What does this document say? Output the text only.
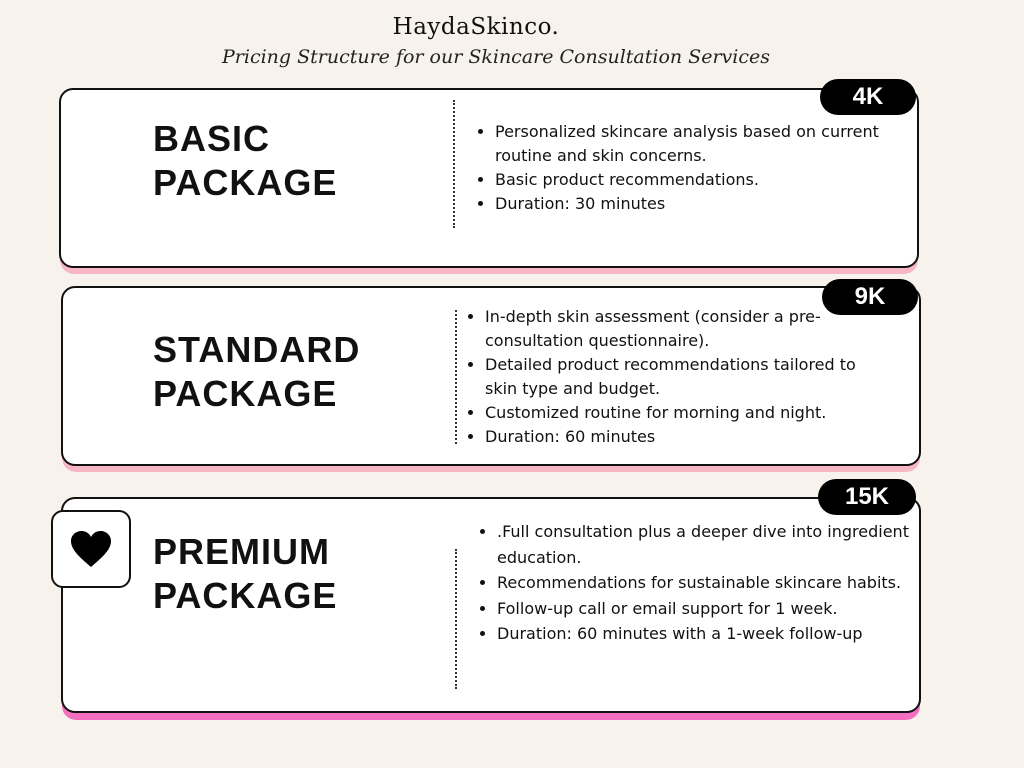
HaydaSkinco.
Pricing Structure for our Skincare Consultation Services
BASIC
PACKAGE
• Personalized skincare analysis based on current routine and skin concerns.
• Basic product recommendations.
• Duration: 30 minutes
4K
STANDARD
PACKAGE
• In-depth skin assessment (consider a pre-consultation questionnaire).
• Detailed product recommendations tailored to skin type and budget.
• Customized routine for morning and night.
• Duration: 60 minutes
9K
PREMIUM
PACKAGE
• .Full consultation plus a deeper dive into ingredient education.
• Recommendations for sustainable skincare habits.
• Follow-up call or email support for 1 week.
• Duration: 60 minutes with a 1-week follow-up
15K
